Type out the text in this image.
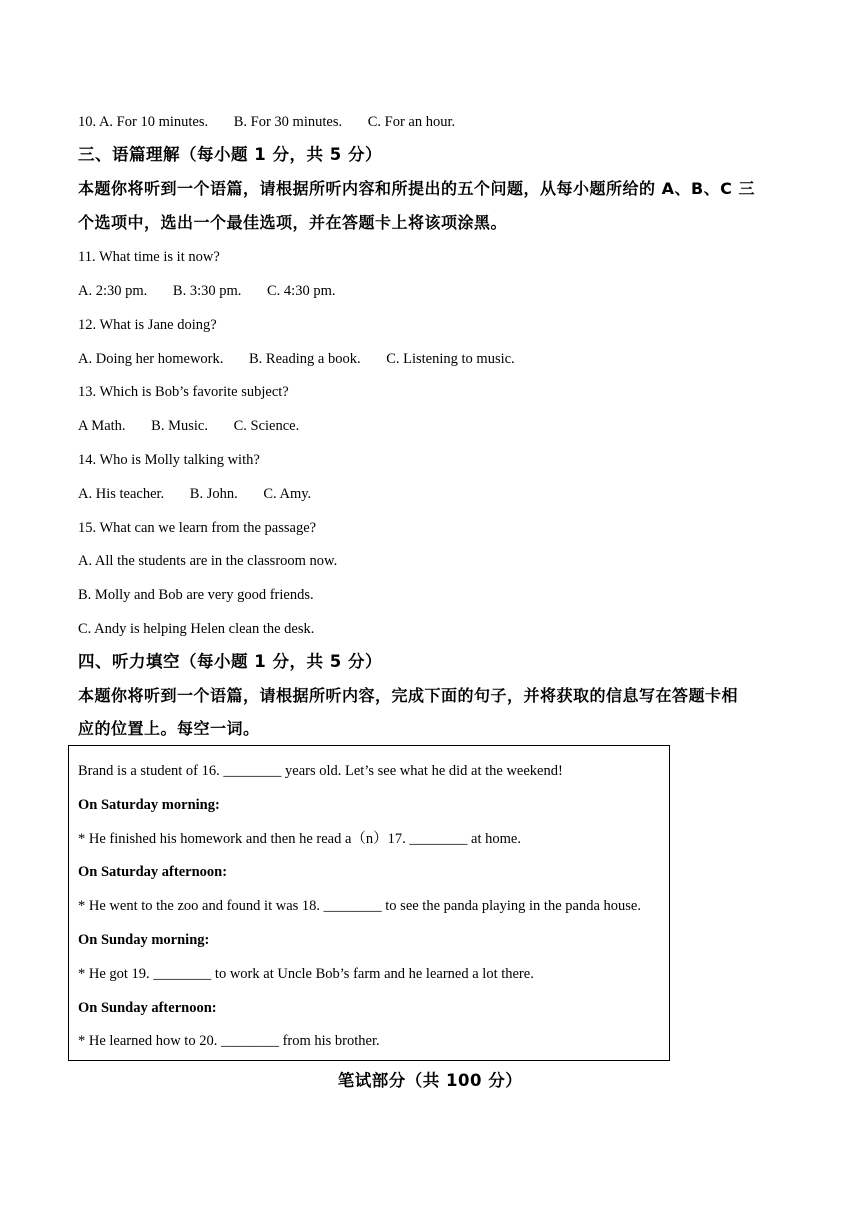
10. A. For 10 minutes. B. For 30 minutes. C. For an hour.
三、语篇理解（每小题 1 分，共 5 分）
本题你将听到一个语篇，请根据所听内容和所提出的五个问题，从每小题所给的 A、B、C 三
个选项中，选出一个最佳选项，并在答题卡上将该项涂黑。
11. What time is it now?
A. 2:30 pm. B. 3:30 pm. C. 4:30 pm.
12. What is Jane doing?
A. Doing her homework. B. Reading a book. C. Listening to music.
13. Which is Bob’s favorite subject?
A Math. B. Music. C. Science.
14. Who is Molly talking with?
A. His teacher. B. John. C. Amy.
15. What can we learn from the passage?
A. All the students are in the classroom now.
B. Molly and Bob are very good friends.
C. Andy is helping Helen clean the desk.
四、听力填空（每小题 1 分，共 5 分）
本题你将听到一个语篇，请根据所听内容，完成下面的句子，并将获取的信息写在答题卡相
应的位置上。每空一词。
Brand is a student of 16. ________ years old. Let’s see what he did at the weekend!
On Saturday morning:
* He finished his homework and then he read a（n）17. ________ at home.
On Saturday afternoon:
* He went to the zoo and found it was 18. ________ to see the panda playing in the panda house.
On Sunday morning:
* He got 19. ________ to work at Uncle Bob’s farm and he learned a lot there.
On Sunday afternoon:
* He learned how to 20. ________ from his brother.
笔试部分（共 100 分）
